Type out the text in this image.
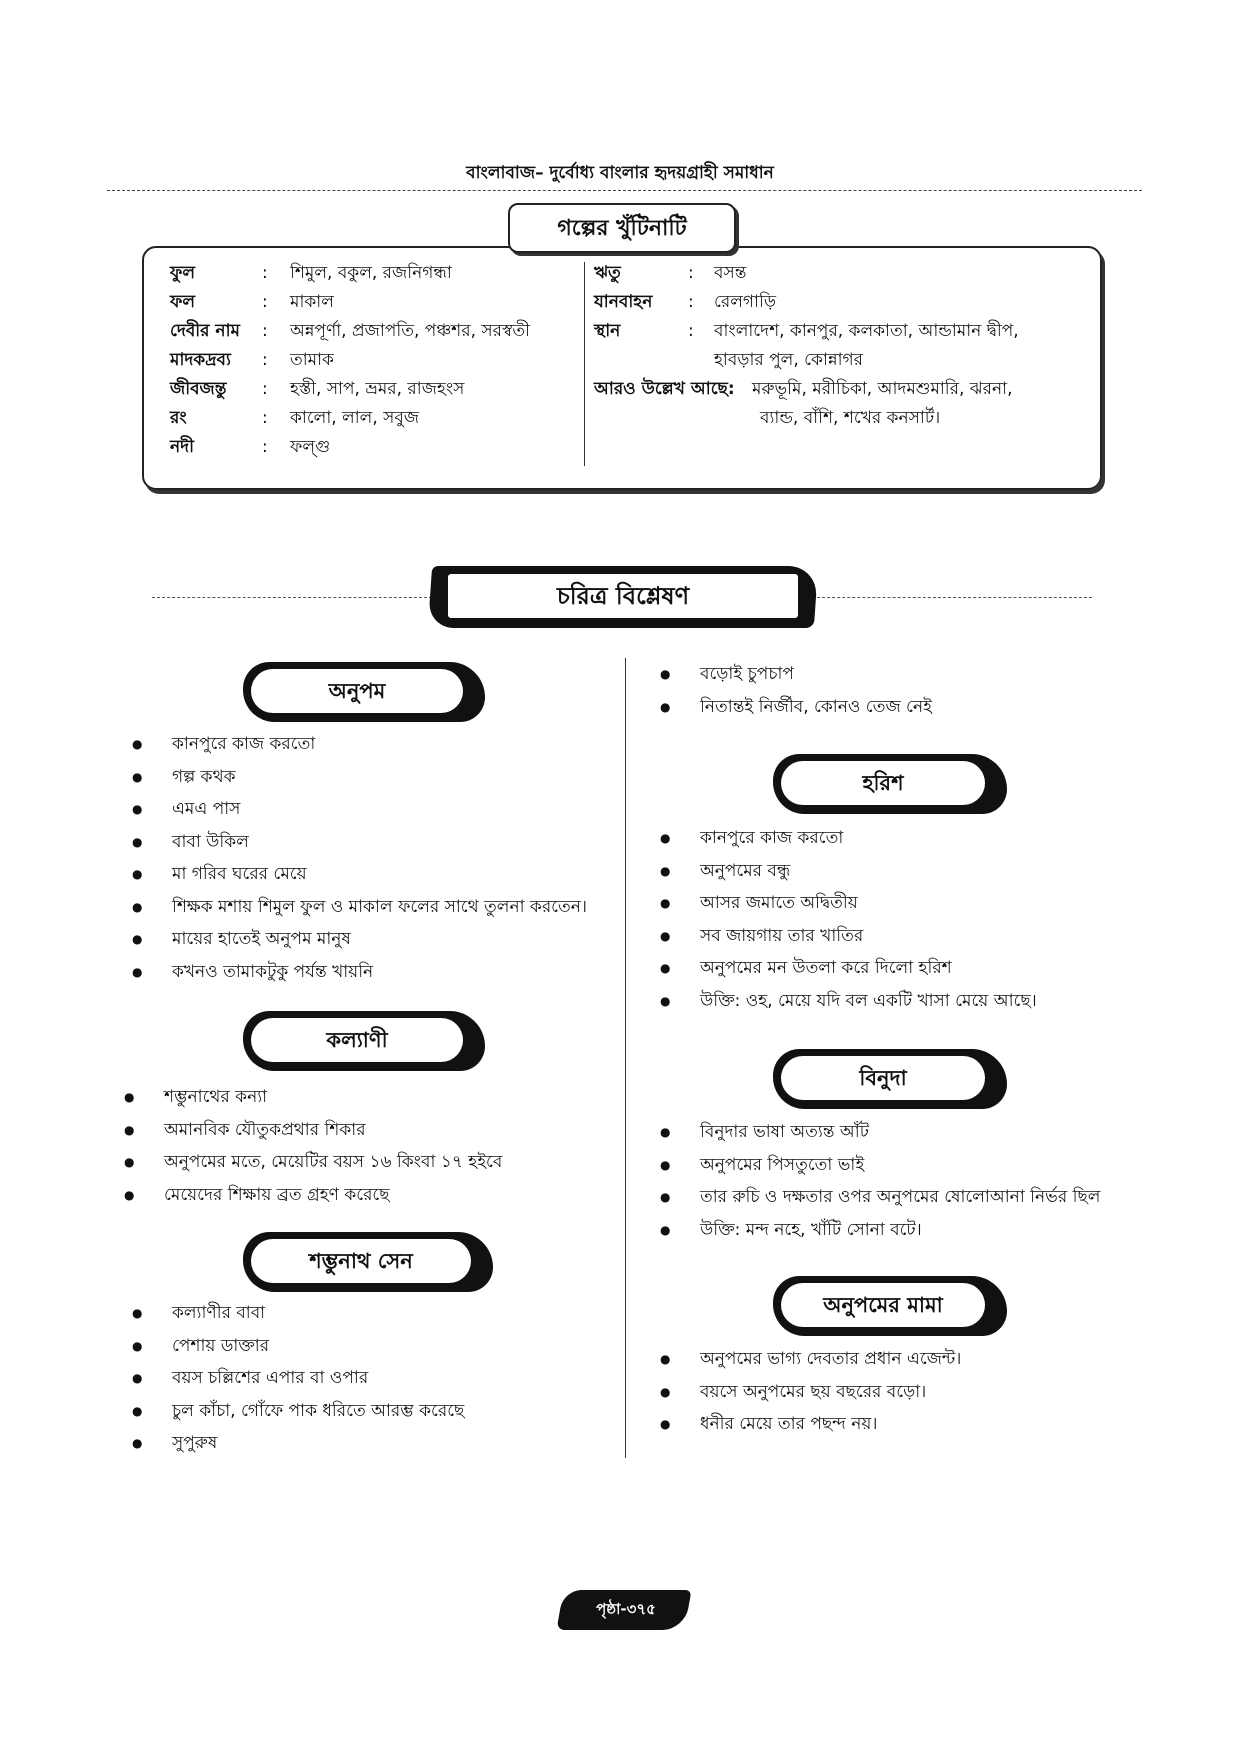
বাংলাবাজ– দুর্বোধ্য বাংলার হৃদয়গ্রাহী সমাধান
গল্পের খুঁটিনাটি
ফুল	: শিমুল, বকুল, রজনিগন্ধা
ফল	: মাকাল
দেবীর নাম : অন্নপূর্ণা, প্রজাপতি, পঞ্চশর, সরস্বতী
মাদকদ্রব্য : তামাক
জীবজন্তু : হস্তী, সাপ, ভ্রমর, রাজহংস
রং	: কালো, লাল, সবুজ
নদী	: ফল্গু
ঋতু	: বসন্ত
যানবাহন : রেলগাড়ি
স্থান	: বাংলাদেশ, কানপুর, কলকাতা, আন্ডামান দ্বীপ,
হাবড়ার পুল, কোন্নাগর
আরও উল্লেখ আছে: মরুভূমি, মরীচিকা, আদমশুমারি, ঝরনা,
ব্যান্ড, বাঁশি, শখের কনসার্ট।
চরিত্র বিশ্লেষণ
অনুপম
● কানপুরে কাজ করতো
● গল্প কথক
● এমএ পাস
● বাবা উকিল
● মা গরিব ঘরের মেয়ে
● শিক্ষক মশায় শিমুল ফুল ও মাকাল ফলের সাথে তুলনা করতেন।
● মায়ের হাতেই অনুপম মানুষ
● কখনও তামাকটুকু পর্যন্ত খায়নি
কল্যাণী
● শম্ভুনাথের কন্যা
● অমানবিক যৌতুকপ্রথার শিকার
● অনুপমের মতে, মেয়েটির বয়স ১৬ কিংবা ১৭ হইবে
● মেয়েদের শিক্ষায় ব্রত গ্রহণ করেছে
শম্ভুনাথ সেন
● কল্যাণীর বাবা
● পেশায় ডাক্তার
● বয়স চল্লিশের এপার বা ওপার
● চুল কাঁচা, গোঁফে পাক ধরিতে আরম্ভ করেছে
● সুপুরুষ
● বড়োই চুপচাপ
● নিতান্তই নির্জীব, কোনও তেজ নেই
হরিশ
● কানপুরে কাজ করতো
● অনুপমের বন্ধু
● আসর জমাতে অদ্বিতীয়
● সব জায়গায় তার খাতির
● অনুপমের মন উতলা করে দিলো হরিশ
● উক্তি: ওহ, মেয়ে যদি বল একটি খাসা মেয়ে আছে।
বিনুদা
● বিনুদার ভাষা অত্যন্ত আঁট
● অনুপমের পিসতুতো ভাই
● তার রুচি ও দক্ষতার ওপর অনুপমের ষোলোআনা নির্ভর ছিল
● উক্তি: মন্দ নহে, খাঁটি সোনা বটে।
অনুপমের মামা
● অনুপমের ভাগ্য দেবতার প্রধান এজেন্ট।
● বয়সে অনুপমের ছয় বছরের বড়ো।
● ধনীর মেয়ে তার পছন্দ নয়।
পৃষ্ঠা-৩৭৫
